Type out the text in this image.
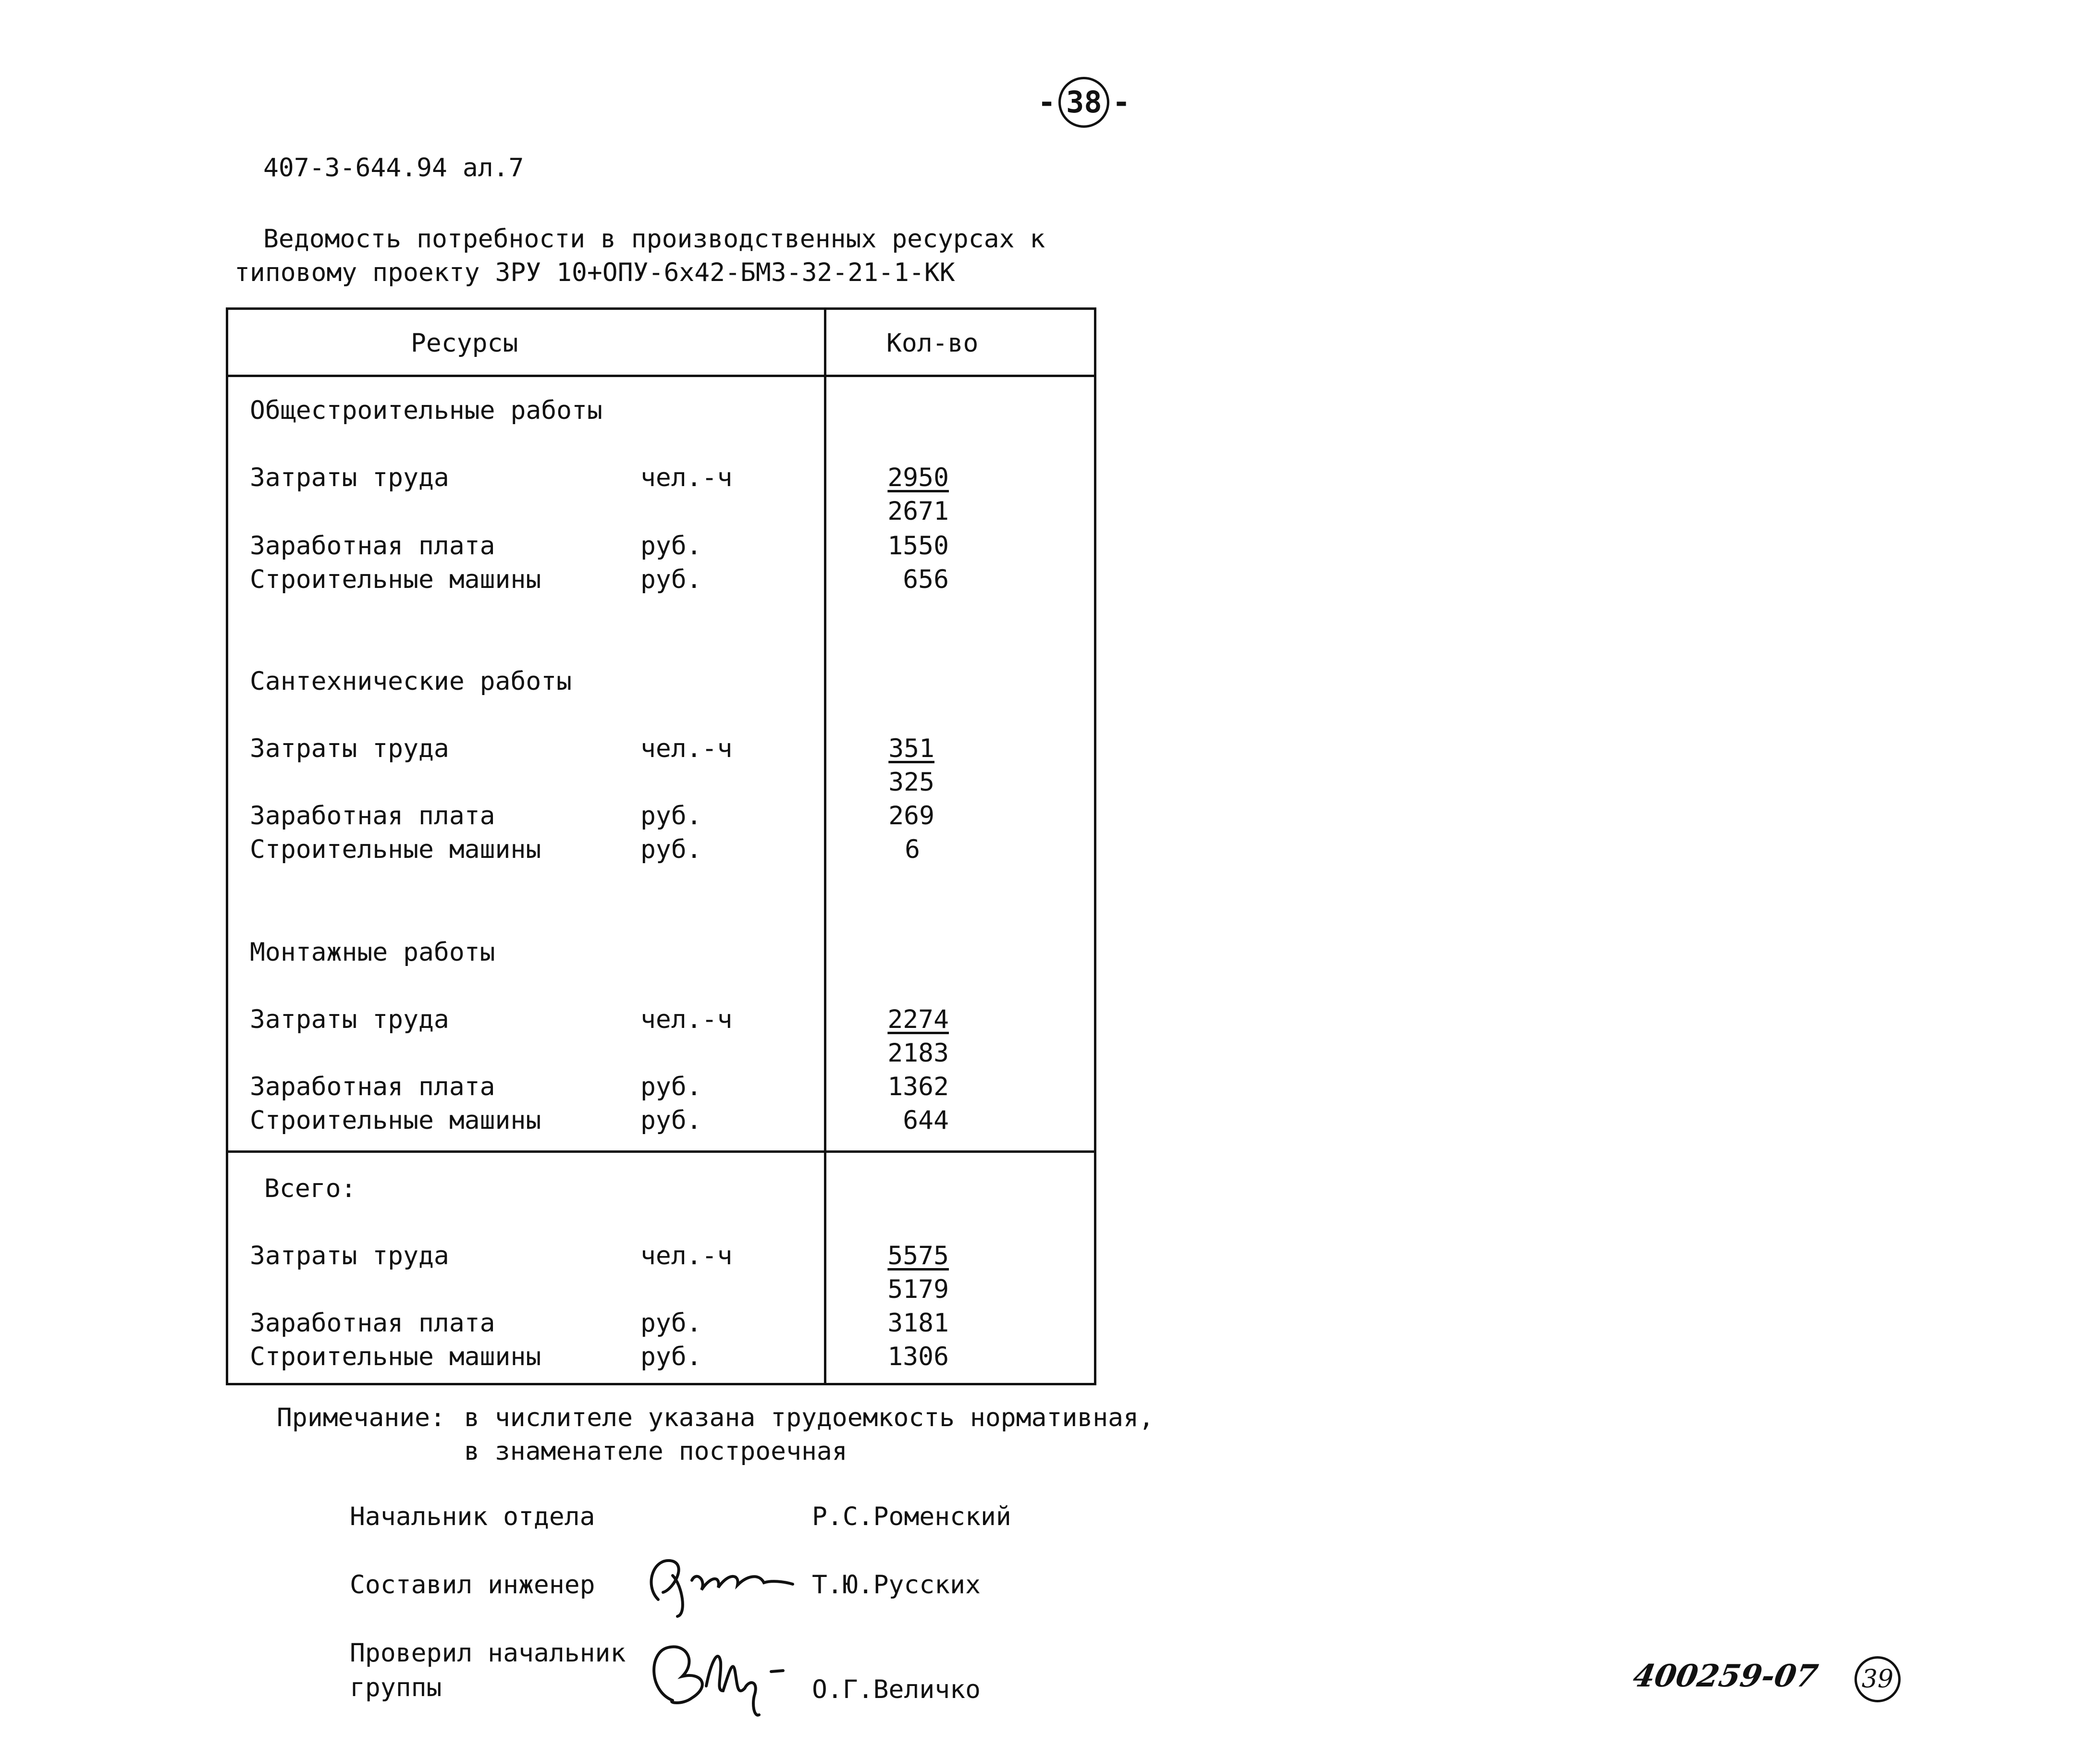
- 38 -
407-3-644.94 ал.7
Ведомость потребности в производственных ресурсах к
типовому проекту ЗРУ 10+ОПУ-6х42-БМЗ-32-21-1-КК
Ресурсы	Кол-во
Общестроительные работы
Затраты труда	чел.-ч	2950
2671
Заработная плата	руб.	1550
Строительные машины	руб.	656
Сантехнические работы
Затраты труда	чел.-ч	351
325
Заработная плата	руб.	269
Строительные машины	руб.	6
Монтажные работы
Затраты труда	чел.-ч	2274
2183
Заработная плата	руб.	1362
Строительные машины	руб.	644
Всего:
Затраты труда	чел.-ч	5575
5179
Заработная плата	руб.	3181
Строительные машины	руб.	1306
Примечание: в числителе указана трудоемкость нормативная,
в знаменателе построечная
Начальник отдела	Р.С.Роменский
Составил инженер	Т.Ю.Русских
Проверил начальник
группы	О.Г.Величко	400259-07 39
